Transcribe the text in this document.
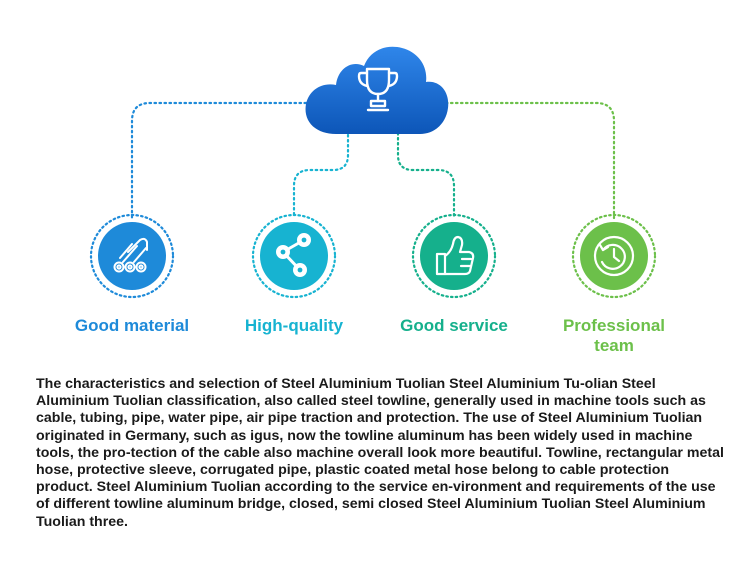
Good material	High-quality	Good service	Professional
team

The characteristics and selection of Steel Aluminium Tuolian Steel Aluminium Tu-olian Steel Aluminium Tuolian classification, also called steel towline, generally used in machine tools such as cable, tubing, pipe, water pipe, air pipe traction and protection. The use of Steel Aluminium Tuolian originated in Germany, such as igus, now the towline aluminum has been widely used in machine tools, the pro-tection of the cable also machine overall look more beautiful. Towline, rectangular metal hose, protective sleeve, corrugated pipe, plastic coated metal hose belong to cable protection product. Steel Aluminium Tuolian according to the service en-vironment and requirements of the use of different towline aluminum bridge, closed, semi closed Steel Aluminium Tuolian Steel Aluminium Tuolian three.
